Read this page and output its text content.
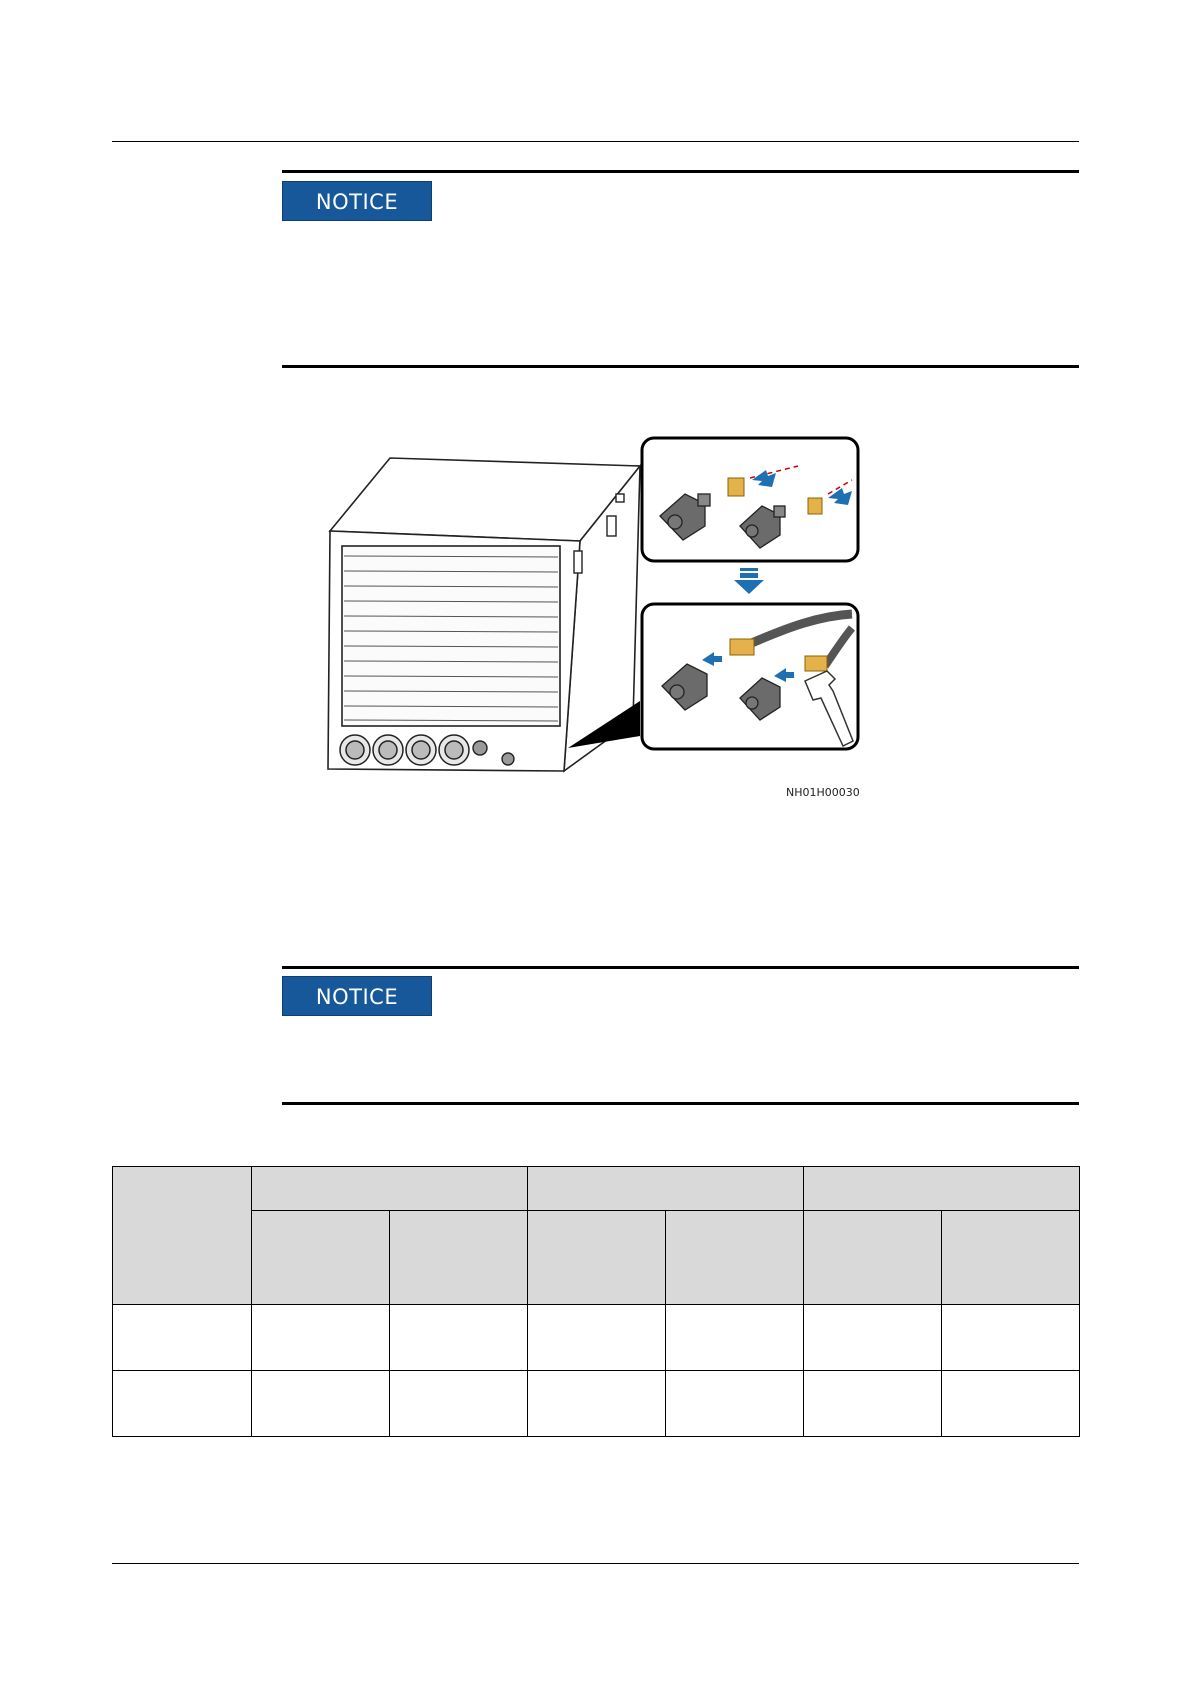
NOTICE
NH01H00030
NOTICE
